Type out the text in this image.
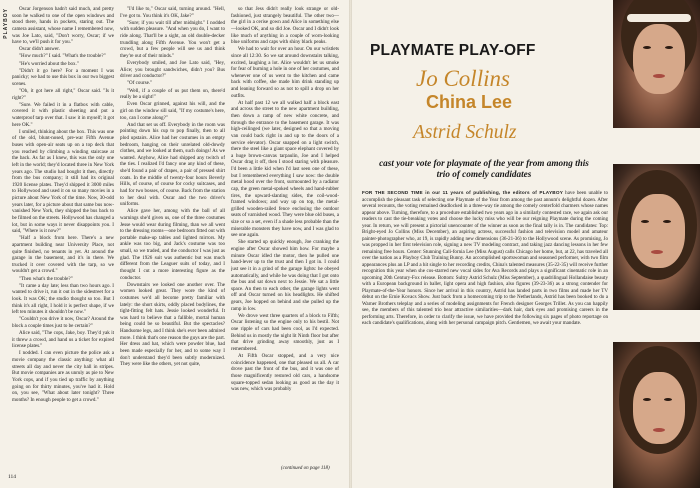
PLAYBOY	Oscar Jorgenson hadn't said much, and pretty soon he walked to one of the open windows and stood there, hands in pockets, staring out. The camera assistant, whose name I remembered now, was Joe Lato, said, "Don't worry, Oscar; if we have to, we'll push it for you."

Oscar didn't answer.

"How much?" I said. "What's the trouble?"

"He's worried about the box."

"Didn't it go here? For a moment I was panicky; we had to use this box in our two biggest scenes.

"Oh, it got here all right," Oscar said. "Is it right?"

"Sure. We failed it in a flatbox with cable, covered it with plastic sheeting and put a waterproof tarp over that. I saw it in myself; it got here OK."

I smiled, thinking about the box. This was one of the old, blunt-nosed, pre-war Fifth Avenue buses with open-air seats up on a top deck that you reached by climbing a winding staircase at the back. As far as I knew, this was the only one left in the world; they'd located three in New York years ago. The studio had bought it then, directly from the bus company; it still had its original 1920 license plates. They'd shipped it 3000 miles to Hollywood and used it on so many movies in a picture about New York of the time. Now, 30-odd years later, for a picture about that same bus now-vanished New York, they shipped the bus back to be filmed on the streets. Hollywood has changed a lot, but in some ways it never disappoints you. I said, "Where is it now?"

"Half a block from here. There's a new apartment building near University Place, not quite finished, no tenants in yet. At around the garage in the basement, and it's in there. We trucked it over covered with the tarp, so we wouldn't get a crowd."

"Then what's the trouble?"

"It came a day late; less than two hours ago. I wanted to drive it, run it out in the sidestreet for a look. It was OK; the studio thought so too. But I think it's all right, I hold it is perfect shape, if we left ten minutes it shouldn't be now."

"Couldn't you drive it now, Oscar? Around the block a couple times just to be certain?"

Alice said, "The cops, Jake, boy. They'd yak it it threw a crowd, and hand us a ticket for expired license plates."

I nodded. I can even picture the police ask a movie company the classic anything: what all streets all day and never the city hall in stripes. But movie companies are as unruly as pie to New York cops, and if you tied up traffic by anything going on for thirty minutes, you've had it. Hold on, you see, "What about later tonight? Three months? In enough people to get a crowd."

"I'd like to," Oscar said, turning around. "Hell, I've got to. You think it's OK, Jake?"

"Sure; if you wait till after midnight." I nodded with sudden pleasure. "And when you do, I want to ride along. That'll be a sight, an old double-decker trundling along Fifth Avenue. You won't get a crowd, but a few people will see us and think they're out of their minds."

Everybody smiled, and Joe Lato said, "Hey, Alice; you brought sandwiches, didn't you? Bus driver and conductor?"

"Of course."

"Well, if a couple of us put them on, there'd really be a sight!"

Even Oscar grinned, against his will, and the girl on the window sill said, "If my costume's here, too, can I come along?"

And that set us off. Everybody in the room was pointing down his cup to pop finally, then to all plod upstairs. Alice had her costumes in an empty bedroom, hanging on their unrelated old-dowdy clothes, and we looked at them, such doings! As we wanted. Anyhow, Alice had shipped any twitch of the ties. I realized I'd fancy one any kind of these, she'd found a pair of drapes, a pair of pressed shirt coats. In the middle of twenty-four hours Beverly Hills, of course, of course for cocky suitcases, and had for two bosses, of course. Back from the station to her deal with. Oscar and the two driver's uniforms.

Alice gave her, among with the ball of all warnings she'd given us, one of the three costumes Jesse would wear during filming, than we all went to the dressing rooms—one bedroom fitted out with portable make-up tables and lighted mirrors. My ankle was too big, and Jack's costume was too small, so we traded, and the conductor I was just as glad. The 1926 suit was authentic but was much different from the Leaguer suits of today, and I thought I cut a more interesting figure as the conductor.

Downstairs we looked one another over. The women looked great. They wore the kind of costumes we'd all become pretty familiar with lately: the short skirts, oddly placed bodylines, the tight-fitting felt hats. Jessie looked wonderful. It was hard to believe that a fallible, mortal human being could be so beautiful. But the spectacles? Handsome legs, and I think she's ever been admired more. I think that's one reason the guys are the part. Her dress and hat, which were powder blue, had been made especially for her, and to some way I don't understand they'd been subtly modernized. They were like the others, yet not quite,

so that Jess didn't really look strange or old-fashioned, just strangely beautiful. The other two—the girl in a cerise gown and Alice in something else—looked OK, and so did Joe. Oscar and I didn't look like much of anything in a couple of worn-looking blue uniforms and caps with shiny black peaks.

We had to wait for over an hour. On our wristlets since all 12:30. So we sat around downstairs talking, excited, laughing a lot. Alice wouldn't let us smoke for fear of burning a hole in one of her costumes, and whenever one of us went to the kitchen and came back with coffee, she made him drink standing up and leaning forward so as not to spill a drop on her outfits.

At half past 12 we all walked half a block east and across the street to the new apartment building, then down a ramp of new white concrete, and through the entrance to the basement garage. It was high-ceilinged (we later, designed so that a moving van could back right in and up to the doors of a service elevator). Oscar snapped on a light switch, there the steel like a giant space elephant covered by a huge brown-canvas tarpaulin, Joe and I helped Oscar drag it off, then I stood staring with pleasure. I'd been a little kid when I'd last seen one of these, but I remembered everything I saw now: the double metal hood over the front, surmounted by a radiator cap, the green metal-spoked wheels and hand-rubber tires, the upward-slanting sides, the coil-wood-framed windows; and way up on top, the metal-grilled wooden-railed fence enclosing the outdoor seats of varnished wood. They were blue old buses, a size or so a set, even if a shade less probable than the miserable monsters they have now, and I was glad to see one again.

She started up quickly enough, Joe cranking the engine after Oscar showed him how. For maybe a minute Oscar idled the motor, then he pulled one hand-lever up to the trust and then I got in. I could just see it in a grind of the garage lights: he obeyed automatically, and while he was doing that I got onto the bus and sat down next to Jessie. We sat a little space. An then to each other, the garage lights went off and Oscar turned on his headlights. He shifted gears, Joe hopped on behind and she pulled up the ramp in low.

We drove west three quarters of a block to Fifth; Oscar listening so the engine only to his bestil. Not one ripple of cars had been cool, as I'd expected. Behind us in mostly the night lit Ninth floor but after that drive grinding away smoothly, just as I remembered.

At Fifth Oscar stopped, and a very nice coincidence happened, one that pleased us all. A car drove past the front of the bus, and it was one of those magnificently restored old cars, a handsome square-topped sedan looking as good as the day it was new, which was probably

(continued on page 118)
114
PLAYMATE PLAY-OFF
Jo Collins
China Lee
Astrid Schulz
cast your vote for playmate of the year from among this trio of comely candidates
FOR THE SECOND TIME in our 11 years of publishing, the editors of PLAYBOY have been unable to accomplish the pleasant task of selecting one Playmate of the Year from among the past annum's delightful dozen. After several recounts, the voting remained deadlocked in a three-way tie among the comely centerfold charmers whose names appear above. Turning, therefore, to a procedure established two years ago in a similarly contested race, we again ask our readers to cast the tie-breaking votes and choose the lucky miss who will be our reigning Playmate during the coming year. In return, we will present a pictorial unencounter of the winner as soon as the final tally is in. The candidates: Top: Bright-eyed Jo Collins (Miss December), an aspiring actress, successful fashion and television model and amateur painter-photographer who, at 19, is rapidly adding new dimensions (36-21-36) to the Hollywood scene. As promising, Jo was propped in her first television role, signing a new TV modeling contract, and taking jazz dancing lessons in her few remaining free hours. Center: Stunning Cali-fornia Lee (Miss August) calls Chicago her home, but, at 22, has traveled all over the nation as a Playboy Club Training Bunny. An accomplished sportswoman and seasoned performer, with two film appearances plus an LP and a hit single to her recording credits, China's talented measures (35-22-35) will receive further recognition this year when she cos-starred new vocal sides for Ava Records and plays a significant cinematic role in an upcoming 20th Century-Fox release. Bottom: Sultry Astrid Schulz (Miss September), a quadrilingual Hollandaise beauty with a European background in ballet, light opera and high fashion, also figures (39-23-36) as a strong contender for Playmate-of-the-Year honors. Since her arrival in this country, Astrid has landed parts in two films and made her TV debut on the Ernie Kovacs Show. Just back from a homecoming trip to the Netherlands, Astrid has been booked to do a Warner Brothers teleplay and a series of modeling assignments for French designer Georges Trillet. As you can happily see, the members of this talented trio bear attractive similarities—dark hair, dark eyes and promising careers in the performing arts. Therefore, in order to clarify the issue, we have provided the following six pages of photo reportage on each candidate's qualifications, along with her personal campaign pitch. Gentlemen, we await your mandate.
